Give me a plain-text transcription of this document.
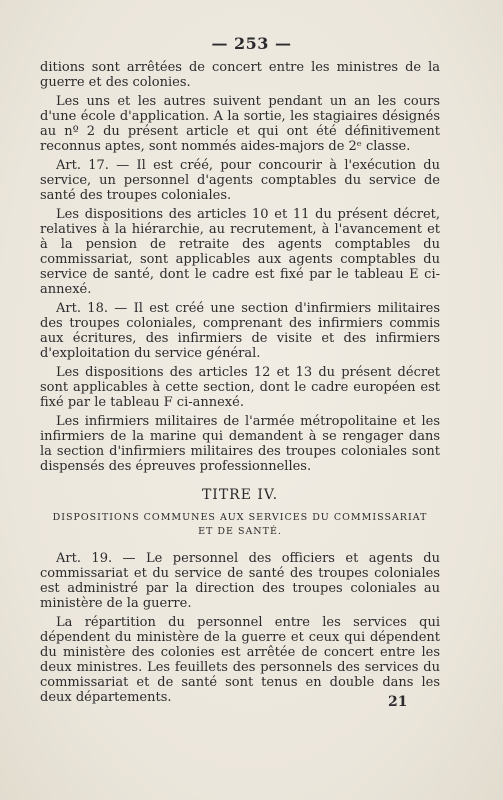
— 253 —

ditions sont arrêtées de concert entre les ministres de la guerre et des colonies.

Les uns et les autres suivent pendant un an les cours d'une école d'application. A la sortie, les stagiaires désignés au nº 2 du présent article et qui ont été définitivement reconnus aptes, sont nommés aides-majors de 2ᵉ classe.

Art. 17. — Il est créé, pour concourir à l'exécution du service, un personnel d'agents comptables du service de santé des troupes coloniales.

Les dispositions des articles 10 et 11 du présent décret, relatives à la hiérarchie, au recrutement, à l'avancement et à la pension de retraite des agents comptables du commissariat, sont applicables aux agents comptables du service de santé, dont le cadre est fixé par le tableau E ci-annexé.

Art. 18. — Il est créé une section d'infirmiers militaires des troupes coloniales, comprenant des infirmiers commis aux écritures, des infirmiers de visite et des infirmiers d'exploitation du service général.

Les dispositions des articles 12 et 13 du présent décret sont applicables à cette section, dont le cadre européen est fixé par le tableau F ci-annexé.

Les infirmiers militaires de l'armée métropolitaine et les infirmiers de la marine qui demandent à se rengager dans la section d'infirmiers militaires des troupes coloniales sont dispensés des épreuves professionnelles.

TITRE IV.
DISPOSITIONS COMMUNES AUX SERVICES DU COMMISSARIAT ET DE SANTÉ.

Art. 19. — Le personnel des officiers et agents du commissariat et du service de santé des troupes coloniales est administré par la direction des troupes coloniales au ministère de la guerre.

La répartition du personnel entre les services qui dépendent du ministère de la guerre et ceux qui dépendent du ministère des colonies est arrêtée de concert entre les deux ministres. Les feuillets des personnels des services du commissariat et de santé sont tenus en double dans les deux départements.	21
